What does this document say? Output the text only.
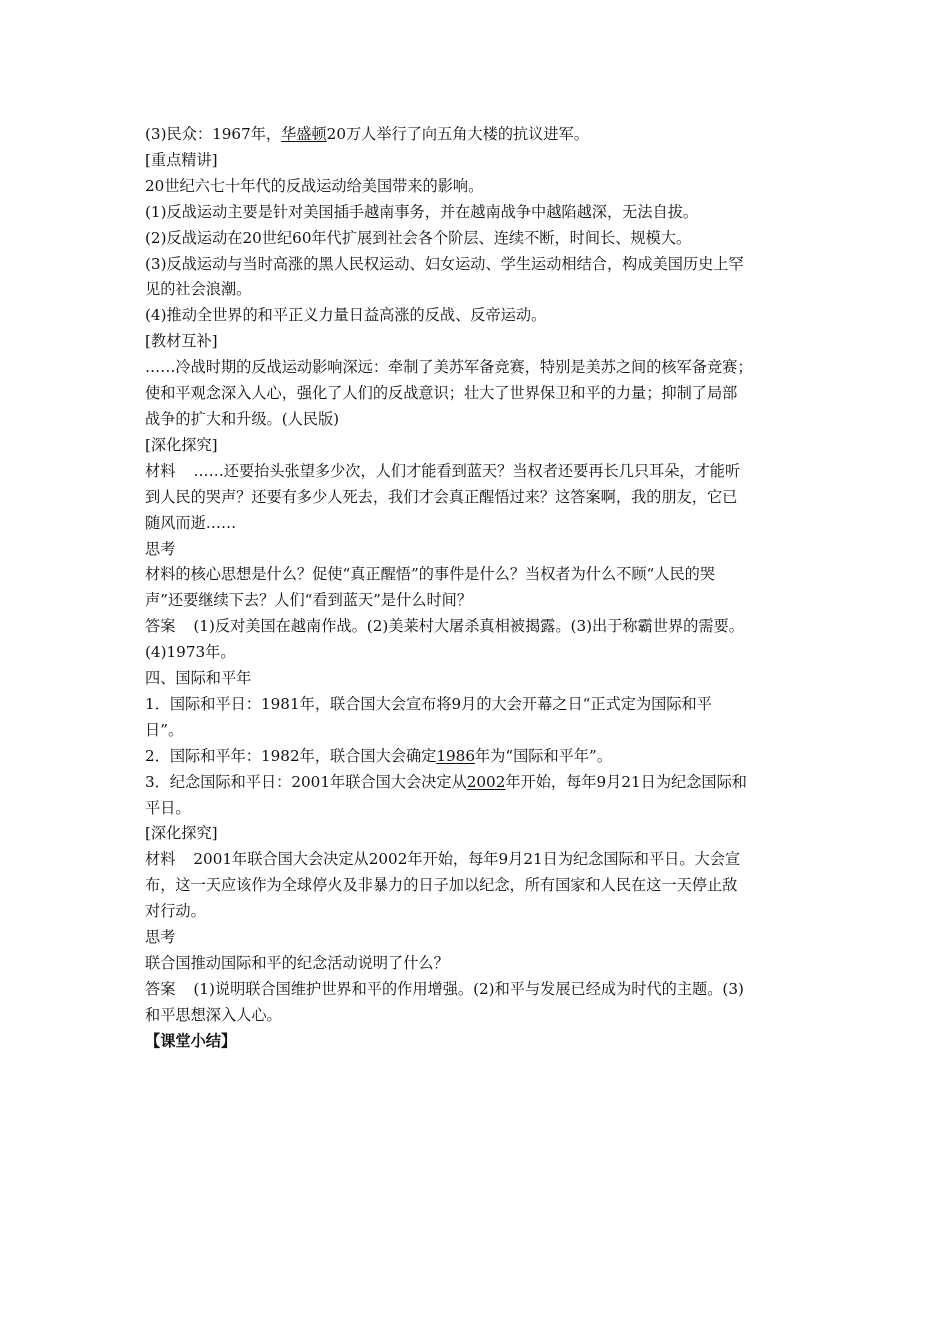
(3)民众：1967年，华盛顿20万人举行了向五角大楼的抗议进军。
[重点精讲]
20世纪六七十年代的反战运动给美国带来的影响。
(1)反战运动主要是针对美国插手越南事务，并在越南战争中越陷越深，无法自拔。
(2)反战运动在20世纪60年代扩展到社会各个阶层、连续不断，时间长、规模大。
(3)反战运动与当时高涨的黑人民权运动、妇女运动、学生运动相结合，构成美国历史上罕
见的社会浪潮。
(4)推动全世界的和平正义力量日益高涨的反战、反帝运动。
[教材互补]
……冷战时期的反战运动影响深远：牵制了美苏军备竞赛，特别是美苏之间的核军备竞赛；
使和平观念深入人心，强化了人们的反战意识；壮大了世界保卫和平的力量；抑制了局部
战争的扩大和升级。(人民版)
[深化探究]
材料 ……还要抬头张望多少次，人们才能看到蓝天？当权者还要再长几只耳朵，才能听
到人民的哭声？还要有多少人死去，我们才会真正醒悟过来？这答案啊，我的朋友，它已
随风而逝……
思考
材料的核心思想是什么？促使“真正醒悟”的事件是什么？当权者为什么不顾“人民的哭
声”还要继续下去？人们“看到蓝天”是什么时间？
答案 (1)反对美国在越南作战。(2)美莱村大屠杀真相被揭露。(3)出于称霸世界的需要。
(4)1973年。
四、国际和平年
1．国际和平日：1981年，联合国大会宣布将9月的大会开幕之日“正式定为国际和平
日”。
2．国际和平年：1982年，联合国大会确定1986年为“国际和平年”。
3．纪念国际和平日：2001年联合国大会决定从2002年开始，每年9月21日为纪念国际和
平日。
[深化探究]
材料 2001年联合国大会决定从2002年开始，每年9月21日为纪念国际和平日。大会宣
布，这一天应该作为全球停火及非暴力的日子加以纪念，所有国家和人民在这一天停止敌
对行动。
思考
联合国推动国际和平的纪念活动说明了什么？
答案 (1)说明联合国维护世界和平的作用增强。(2)和平与发展已经成为时代的主题。(3)
和平思想深入人心。
【课堂小结】
